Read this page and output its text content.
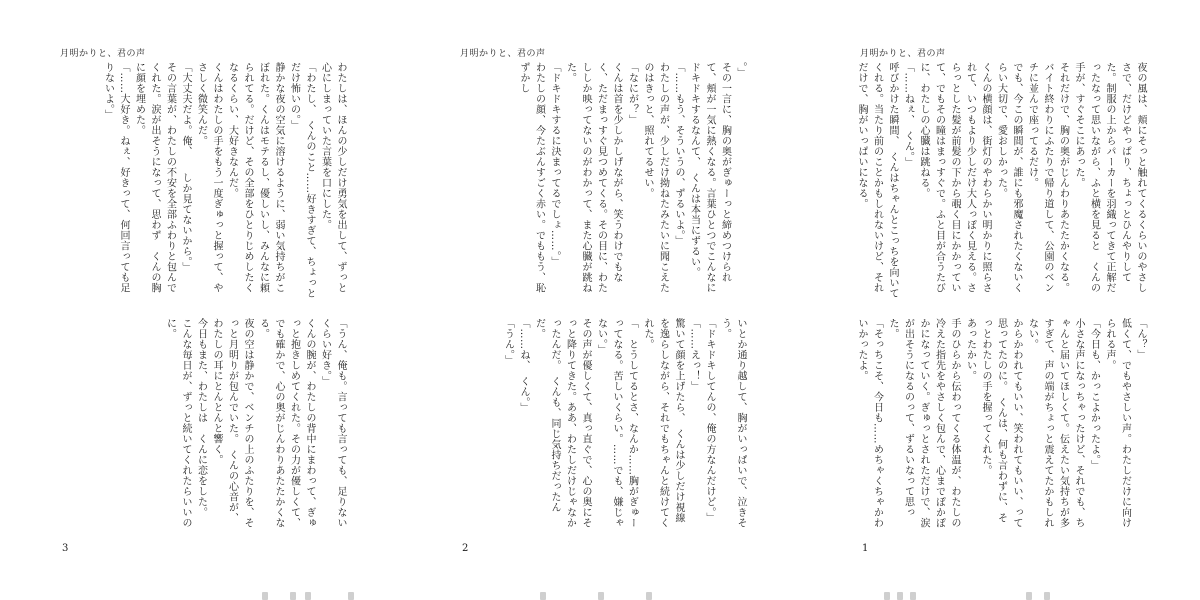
月明かりと、君の声

わたしは、ほんの少しだけ勇気を出して、ずっと心にしまっていた言葉を口にした。

「わたし、　くんのこと……好きすぎて、ちょっとだけ怖いの。」

静かな夜の空気に溶けるように、弱い気持ちがこぼれた。くんはモテるし、優しいし、みんなに頼られてる。だけど、その全部をひとりじめしたくなるくらい、大好きなんだ。

くんはわたしの手をもう一度ぎゅっと握って、やさしく微笑んだ。

「大丈夫だよ。俺、　　しか見てないから。」

その言葉が、わたしの不安を全部ふわりと包んでくれた。涙が出そうになって、思わず　くんの胸に顔を埋めた。

「……大好き。ねぇ、好きって、何回言っても足りないよ。」

「うん、俺も。言っても言っても、足りないくらい好き。」

くんの腕が、わたしの背中にまわって、ぎゅっと抱きしめてくれた。その力が優しくて、でも確かで、心の奥がじんわりあたたかくなる。

夜の空は静かで、ベンチの上のふたりを、そっと月明りが包んでいた。　くんの心音が、わたしの耳にとんとんと響く。

今日もまた、わたしは　くんに恋をした。

こんな毎日が、ずっと続いてくれたらいいのに。

3
月明かりと、君の声

。」

その一言に、胸の奥がぎゅーっと締めつけられて、頬が一気に熱くなる。言葉ひとつでこんなにドキドキするなんて、　くんは本当にずるい。

「……もう、そういうの、ずるいよ。」

わたしの声が、少しだけ拗ねたみたいに聞こえたのはきっと、照れてるせい。

「なにが？」

くんは首を少しかしげながら、笑うわけでもなく、ただまっすぐ見つめてくる。その目に、わたししか映ってないのがわかって、また心臓が跳ねた。

「ドキドキするに決まってるでしょ……。」

わたしの顔、今たぶんすごく赤い。でももう、恥ずかし

いとか通り越して、胸がいっぱいで、泣きそう。

「ドキドキしてんの、俺の方なんだけど。」

「……えっ！」

驚いて顔を上げたら、　くんは少しだけ視線を逸らしながら、それでもちゃんと続けてくれた。

「　とうしてるとさ、なんか……胸がぎゅーってなる。苦しいくらい。……でも、嫌じゃない。」

その声が優しくて、真っ直ぐで、心の奥にそっと降りてきた。ああ、わたしだけじゃなかったんだ。　くんも、同じ気持ちだったんだ。

「……ね、　くん。」

「うん。」

2
月明かりと、君の声

夜の風は、頬にそっと触れてくるくらいのやさしさで、だけどやっぱり、ちょっとひんやりしてた。制服の上からパーカーを羽織ってきて正解だったなって思いながら、ふと横を見ると　くんの手が、すぐそこにあった。

それだけで、胸の奥がじんわりあたたかくなる。バイト終わりにふたりで帰り道して、公園のベンチに並んで座ってるだけ。

でも、今この瞬間が、誰にも邪魔されたくないくらい大切で、愛おしかった。

くんの横顔は、街灯のやわらかい明かりに照らされて、いつもより少しだけ大人っぽく見える。さらっとした髪が前髪の下から覗く目にかかっていて、でもその瞳はまっすぐで。ふと目が合うたびに、わたしの心臓は跳ねる。

「……ねぇ、　くん。」

呼びかけた瞬間、　くんはちゃんとこっちを向いてくれる。当たり前のことかもしれないけど、それだけで、胸がいっぱいになる。

「ん？」

低くて、でもやさしい声。わたしだけに向けられる声。

「今日も、かっこよかったよ。」

小さな声になっちゃったけど、それでも、ちゃんと届いてほしくて。伝えたい気持ちが多すぎて、声の端がちょっと震えてたかもしれない。

からかわれてもいい、笑われてもいい、って思ってたのに。　くんは、何も言わずに、そっとわたしの手を握ってくれた。

あったかい。

手のひらから伝わってくる体温が、わたしの冷えた指先をやさしく包んで、心までぽかぽかになっていく。ぎゅっとされただけで、涙が出そうになるのって、ずるいなって思った。

「そっちこそ、今日も……めちゃくちゃかわいかったよ。

1
